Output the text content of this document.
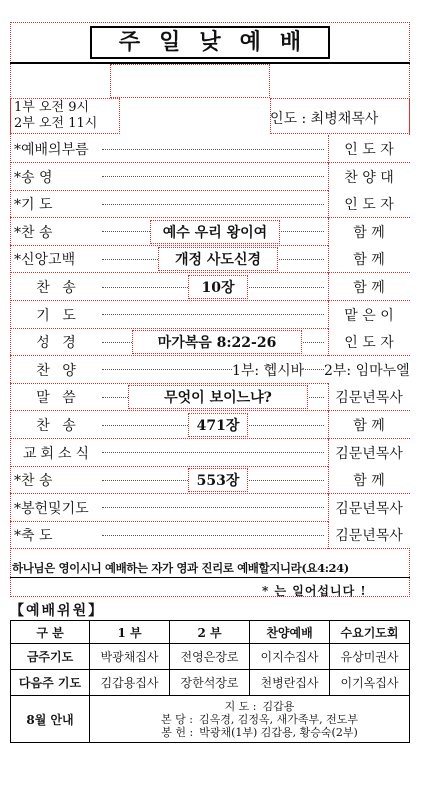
주일낮예배
1부 오전 9시
2부 오전 11시	인도 : 최병채목사
*예배의부름	인 도 자
*송 영	찬 양 대
*기 도	인 도 자
*찬 송	예수 우리 왕이여	함 께
*신앙고백	개정 사도신경	함 께
찬 송	10장	함 께
기 도	맡 은 이
성 경	마가복음 8:22-26	인 도 자
찬 양	1부: 헵시바 2부: 임마누엘
말 씀	무엇이 보이느냐?	김문년목사
찬 송	471장	함 께
교회소식	김문년목사
*찬 송	553장	함 께
*봉헌및기도	김문년목사
*축 도	김문년목사
하나님은 영이시니 예배하는 자가 영과 진리로 예배할지니라(요4:24)
* 는 일어섭니다 !
【예배위원】
구 분	1 부	2 부	찬양예배	수요기도회
금주기도	박광채집사	전영은장로	이지수집사	유상미권사
다음주 기도	김갑용집사	장한석장로	천병란집사	이기옥집사
8월 안내	지 도 : 김갑용
본 당 : 김옥경, 김정옥, 새가족부, 전도부
봉 헌 : 박광채(1부) 김갑용, 황승숙(2부)			
